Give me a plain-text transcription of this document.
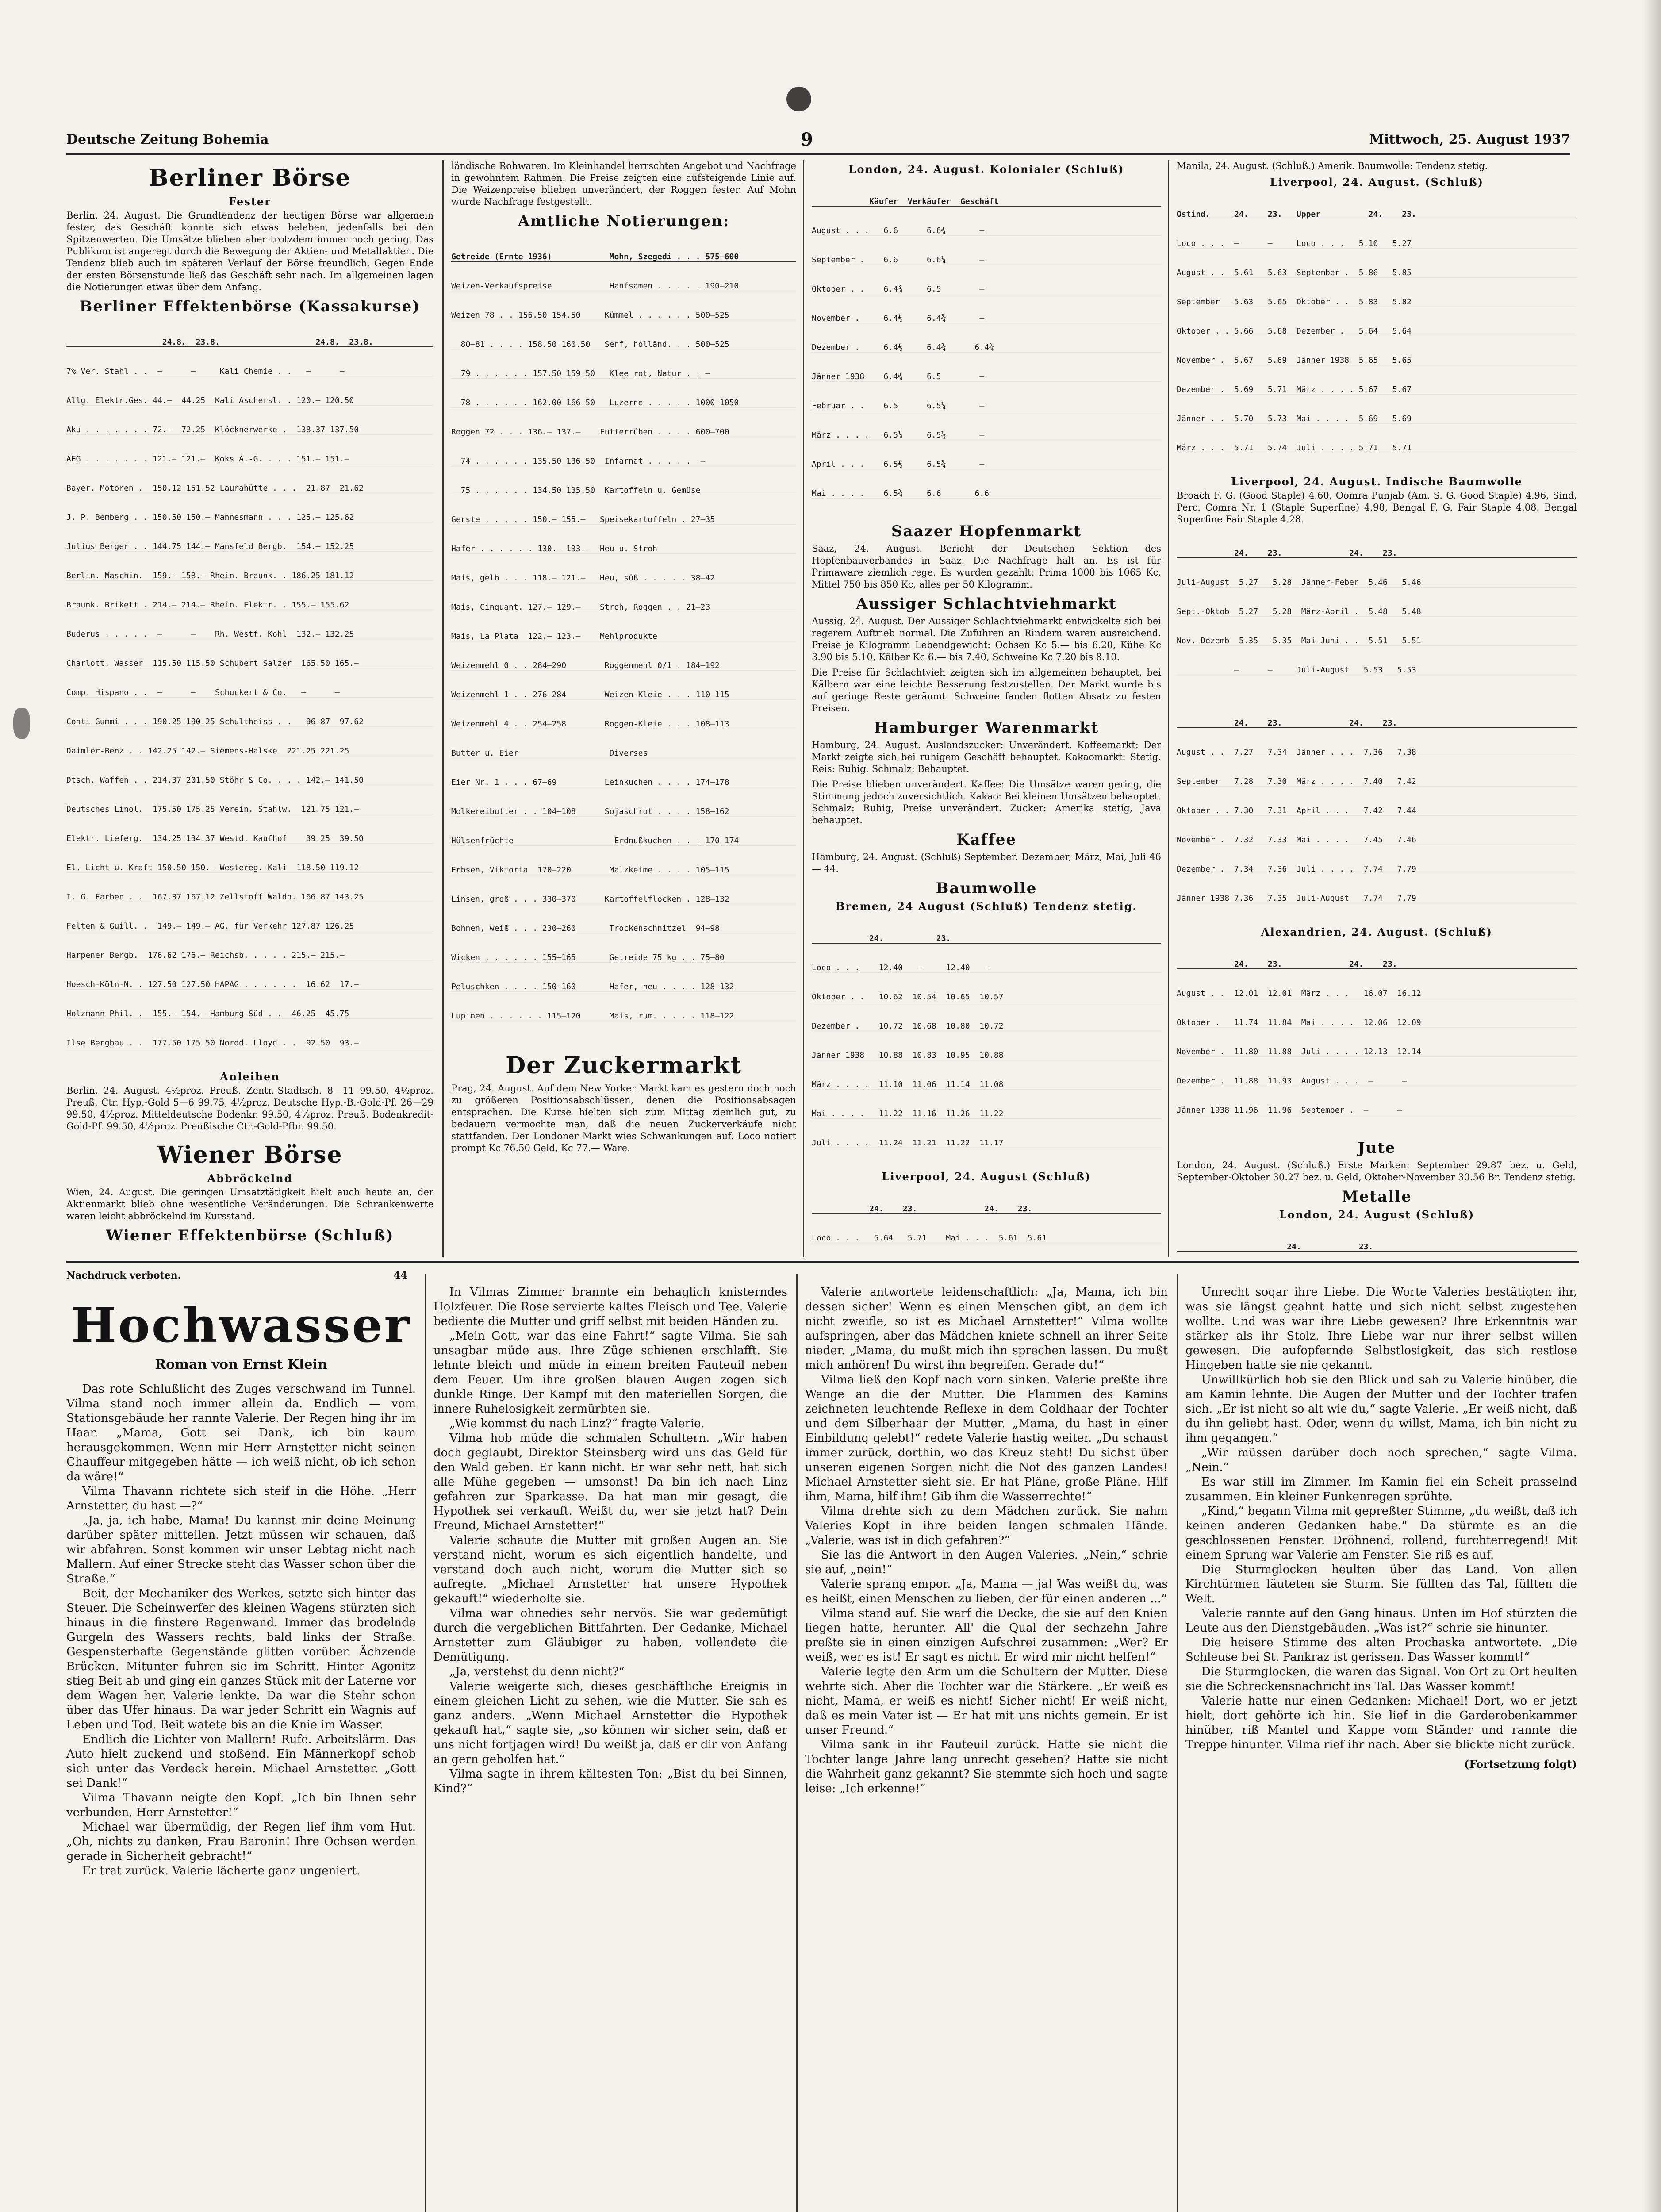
Deutsche Zeitung Bohemia	9	Mittwoch, 25. August 1937
Berliner Börse
Fester
Berlin, 24. August. Die Grundtendenz der heutigen Börse war allgemein fester, das Geschäft konnte sich etwas beleben, jedenfalls bei den Spitzenwerten. Die Umsätze blieben aber trotzdem immer noch gering. Das Publikum ist angeregt durch die Bewegung der Aktien- und Metallaktien. Die Tendenz blieb auch im späteren Verlauf der Börse freundlich. Gegen Ende der ersten Börsenstunde ließ das Geschäft sehr nach. Im allgemeinen lagen die Notierungen etwas über dem Anfang.
Berliner Effektenbörse (Kassakurse)

24.8.  23.8.                    24.8.  23.8.

7% Ver. Stahl . .  —      —     Kali Chemie . .   —      —

Allg. Elektr.Ges. 44.—  44.25  Kali Aschersl. . 120.— 120.50

Aku . . . . . . . 72.—  72.25  Klöcknerwerke .  138.37 137.50

AEG . . . . . . . 121.— 121.—  Koks A.-G. . . . 151.— 151.—

Bayer. Motoren .  150.12 151.52 Laurahütte . . .  21.87  21.62

J. P. Bemberg . . 150.50 150.— Mannesmann . . . 125.— 125.62

Julius Berger . . 144.75 144.— Mansfeld Bergb.  154.— 152.25

Berlin. Maschin.  159.— 158.— Rhein. Braunk. . 186.25 181.12

Braunk. Brikett . 214.— 214.— Rhein. Elektr. . 155.— 155.62

Buderus . . . . .  —      —    Rh. Westf. Kohl  132.— 132.25

Charlott. Wasser  115.50 115.50 Schubert Salzer  165.50 165.—

Comp. Hispano . .  —      —    Schuckert & Co.   —      —

Conti Gummi . . . 190.25 190.25 Schultheiss . .   96.87  97.62

Daimler-Benz . . 142.25 142.— Siemens-Halske  221.25 221.25

Dtsch. Waffen . . 214.37 201.50 Stöhr & Co. . . . 142.— 141.50

Deutsches Linol.  175.50 175.25 Verein. Stahlw.  121.75 121.—

Elektr. Lieferg.  134.25 134.37 Westd. Kaufhof    39.25  39.50

El. Licht u. Kraft 150.50 150.— Westereg. Kali  118.50 119.12

I. G. Farben . .  167.37 167.12 Zellstoff Waldh. 166.87 143.25

Felten & Guill. .  149.— 149.— AG. für Verkehr 127.87 126.25

Harpener Bergb.  176.62 176.— Reichsb. . . . . 215.— 215.—

Hoesch-Köln-N. . 127.50 127.50 HAPAG . . . . . .  16.62  17.—

Holzmann Phil. .  155.— 154.— Hamburg-Süd . .  46.25  45.75

Ilse Bergbau . .  177.50 175.50 Nordd. Lloyd . .  92.50  93.—

Anleihen
Berlin, 24. August. 4½proz. Preuß. Zentr.-Stadtsch. 8—11 99.50, 4½proz. Preuß. Ctr. Hyp.-Gold 5—6 99.75, 4½proz. Deutsche Hyp.-B.-Gold-Pf. 26—29 99.50, 4½proz. Mitteldeutsche Bodenkr. 99.50, 4½proz. Preuß. Bodenkredit-Gold-Pf. 99.50, 4½proz. Preußische Ctr.-Gold-Pfbr. 99.50.
Wiener Börse
Abbröckelnd
Wien, 24. August. Die geringen Umsatztätigkeit hielt auch heute an, der Aktienmarkt blieb ohne wesentliche Veränderungen. Die Schrankenwerte waren leicht abbröckelnd im Kursstand.
Wiener Effektenbörse (Schluß)

ländische Rohwaren. Im Kleinhandel herrschten Angebot und Nachfrage in gewohntem Rahmen. Die Preise zeigten eine aufsteigende Linie auf. Die Weizenpreise blieben unverändert, der Roggen fester. Auf Mohn wurde Nachfrage festgestellt.
Amtliche Notierungen:

Getreide (Ernte 1936)            Mohn, Szegedi . . . 575—600

Weizen-Verkaufspreise            Hanfsamen . . . . . 190—210

Weizen 78 . . 156.50 154.50     Kümmel . . . . . . 500—525

80—81 . . . . 158.50 160.50   Senf, holländ. . . 500—525

79 . . . . . . 157.50 159.50   Klee rot, Natur . . —

78 . . . . . . 162.00 166.50   Luzerne . . . . . 1000—1050

Roggen 72 . . . 136.— 137.—    Futterrüben . . . . 600—700

74 . . . . . . 135.50 136.50  Infarnat . . . . .  —

75 . . . . . . 134.50 135.50  Kartoffeln u. Gemüse

Gerste . . . . . 150.— 155.—   Speisekartoffeln . 27—35

Hafer . . . . . . 130.— 133.—  Heu u. Stroh

Mais, gelb . . . 118.— 121.—   Heu, süß . . . . . 38—42

Mais, Cinquant. 127.— 129.—    Stroh, Roggen . . 21—23

Mais, La Plata  122.— 123.—    Mehlprodukte

Weizenmehl 0 . . 284—290        Roggenmehl 0/1 . 184—192

Weizenmehl 1 . . 276—284        Weizen-Kleie . . . 110—115

Weizenmehl 4 . . 254—258        Roggen-Kleie . . . 108—113

Butter u. Eier                   Diverses

Eier Nr. 1 . . . 67—69          Leinkuchen . . . . 174—178

Molkereibutter . . 104—108      Sojaschrot . . . . 158—162

Hülsenfrüchte                     Erdnußkuchen . . . 170—174

Erbsen, Viktoria  170—220        Malzkeime . . . . 105—115

Linsen, groß . . . 330—370      Kartoffelflocken . 128—132

Bohnen, weiß . . . 230—260       Trockenschnitzel  94—98

Wicken . . . . . . 155—165       Getreide 75 kg . . 75—80

Peluschken . . . . 150—160       Hafer, neu . . . . 128—132

Lupinen . . . . . . 115—120      Mais, rum. . . . . 118—122

Der Zuckermarkt
Prag, 24. August. Auf dem New Yorker Markt kam es gestern doch noch zu größeren Positionsabschlüssen, denen die Positionsabsagen entsprachen. Die Kurse hielten sich zum Mittag ziemlich gut, zu bedauern vermochte man, daß die neuen Zuckerverkäufe nicht stattfanden. Der Londoner Markt wies Schwankungen auf. Loco notiert prompt Kc 76.50 Geld, Kc 77.— Ware.
London, 24. August. Kolonialer (Schluß)

Käufer  Verkäufer  Geschäft

August . . .   6.6      6.6¾       —

September .    6.6      6.6¼       —

Oktober . .    6.4¾     6.5        —

November .     6.4½     6.4¾       —

Dezember .     6.4½     6.4¾      6.4¾

Jänner 1938    6.4¾     6.5        —

Februar . .    6.5      6.5¼       —

März . . . .   6.5¼     6.5½       —

April . . .    6.5½     6.5¾       —

Mai . . . .    6.5¾     6.6       6.6

Saazer Hopfenmarkt
Saaz, 24. August. Bericht der Deutschen Sektion des Hopfenbauverbandes in Saaz. Die Nachfrage hält an. Es ist für Primaware ziemlich rege. Es wurden gezahlt: Prima 1000 bis 1065 Kc, Mittel 750 bis 850 Kc, alles per 50 Kilogramm.
Aussiger Schlachtviehmarkt
Aussig, 24. August. Der Aussiger Schlachtviehmarkt entwickelte sich bei regerem Auftrieb normal. Die Zufuhren an Rindern waren ausreichend. Preise je Kilogramm Lebendgewicht: Ochsen Kc 5.— bis 6.20, Kühe Kc 3.90 bis 5.10, Kälber Kc 6.— bis 7.40, Schweine Kc 7.20 bis 8.10.
Die Preise für Schlachtvieh zeigten sich im allgemeinen behauptet, bei Kälbern war eine leichte Besserung festzustellen. Der Markt wurde bis auf geringe Reste geräumt. Schweine fanden flotten Absatz zu festen Preisen.
Hamburger Warenmarkt
Hamburg, 24. August. Auslandszucker: Unverändert. Kaffeemarkt: Der Markt zeigte sich bei ruhigem Geschäft behauptet. Kakaomarkt: Stetig. Reis: Ruhig. Schmalz: Behauptet.
Die Preise blieben unverändert. Kaffee: Die Umsätze waren gering, die Stimmung jedoch zuversichtlich. Kakao: Bei kleinen Umsätzen behauptet. Schmalz: Ruhig, Preise unverändert. Zucker: Amerika stetig, Java behauptet.
Kaffee
Hamburg, 24. August. (Schluß) September. Dezember, März, Mai, Juli 46 — 44.
Baumwolle
Bremen, 24 August (Schluß) Tendenz stetig.

24.           23.

Loco . . .    12.40   —     12.40   —

Oktober . .   10.62  10.54  10.65  10.57

Dezember .    10.72  10.68  10.80  10.72

Jänner 1938   10.88  10.83  10.95  10.88

März . . . .  11.10  11.06  11.14  11.08

Mai . . . .   11.22  11.16  11.26  11.22

Juli . . . .  11.24  11.21  11.22  11.17

Liverpool, 24. August (Schluß)

24.    23.              24.    23.

Loco . . .   5.64   5.71    Mai . . .  5.61  5.61

Manila, 24. August. (Schluß.) Amerik. Baumwolle: Tendenz stetig.
Liverpool, 24. August. (Schluß)

Ostind.     24.    23.   Upper          24.    23.

Loco . . .  —      —     Loco . . .   5.10   5.27

August . .  5.61   5.63  September .  5.86   5.85

September   5.63   5.65  Oktober . .  5.83   5.82

Oktober . . 5.66   5.68  Dezember .   5.64   5.64

November .  5.67   5.69  Jänner 1938  5.65   5.65

Dezember .  5.69   5.71  März . . . . 5.67   5.67

Jänner . .  5.70   5.73  Mai . . . .  5.69   5.69

März . . .  5.71   5.74  Juli . . . . 5.71   5.71

Liverpool, 24. August. Indische Baumwolle
Broach F. G. (Good Staple) 4.60, Oomra Punjab (Am. S. G. Good Staple) 4.96, Sind, Perc. Comra Nr. 1 (Staple Superfine) 4.98, Bengal F. G. Fair Staple 4.08. Bengal Superfine Fair Staple 4.28.

24.    23.              24.    23.

Juli-August  5.27   5.28  Jänner-Feber  5.46   5.46

Sept.-Oktob  5.27   5.28  März-April .  5.48   5.48

Nov.-Dezemb  5.35   5.35  Mai-Juni . .  5.51   5.51

—      —     Juli-August   5.53   5.53

24.    23.              24.    23.

August . .  7.27   7.34  Jänner . . .  7.36   7.38

September   7.28   7.30  März . . . .  7.40   7.42

Oktober . . 7.30   7.31  April . . .   7.42   7.44

November .  7.32   7.33  Mai . . . .   7.45   7.46

Dezember .  7.34   7.36  Juli . . . .  7.74   7.79

Jänner 1938 7.36   7.35  Juli-August   7.74   7.79

Alexandrien, 24. August. (Schluß)

24.    23.              24.    23.

August . .  12.01  12.01  März . . .   16.07  16.12

Oktober .   11.74  11.84  Mai . . . .  12.06  12.09

November .  11.80  11.88  Juli . . . . 12.13  12.14

Dezember .  11.88  11.93  August . . .  —      —

Jänner 1938 11.96  11.96  September .  —      —

Jute
London, 24. August. (Schluß.) Erste Marken: September 29.87 bez. u. Geld, September-Oktober 30.27 bez. u. Geld, Oktober-November 30.56 Br. Tendenz stetig.
Metalle
London, 24. August (Schluß)

24.            23.

Nachdruck verboten.	44
Hochwasser
Roman von Ernst Klein

Das rote Schlußlicht des Zuges verschwand im Tunnel. Vilma stand noch immer allein da. Endlich — vom Stationsgebäude her rannte Valerie. Der Regen hing ihr im Haar. „Mama, Gott sei Dank, ich bin kaum herausgekommen. Wenn mir Herr Arnstetter nicht seinen Chauffeur mitgegeben hätte — ich weiß nicht, ob ich schon da wäre!“

Vilma Thavann richtete sich steif in die Höhe. „Herr Arnstetter, du hast —?“

„Ja, ja, ich habe, Mama! Du kannst mir deine Meinung darüber später mitteilen. Jetzt müssen wir schauen, daß wir abfahren. Sonst kommen wir unser Lebtag nicht nach Mallern. Auf einer Strecke steht das Wasser schon über die Straße.“

Beit, der Mechaniker des Werkes, setzte sich hinter das Steuer. Die Scheinwerfer des kleinen Wagens stürzten sich hinaus in die finstere Regenwand. Immer das brodelnde Gurgeln des Wassers rechts, bald links der Straße. Gespensterhafte Gegenstände glitten vorüber. Ächzende Brücken. Mitunter fuhren sie im Schritt. Hinter Agonitz stieg Beit ab und ging ein ganzes Stück mit der Laterne vor dem Wagen her. Valerie lenkte. Da war die Stehr schon über das Ufer hinaus. Da war jeder Schritt ein Wagnis auf Leben und Tod. Beit watete bis an die Knie im Wasser.

Endlich die Lichter von Mallern! Rufe. Arbeitslärm. Das Auto hielt zuckend und stoßend. Ein Männerkopf schob sich unter das Verdeck herein. Michael Arnstetter. „Gott sei Dank!“

Vilma Thavann neigte den Kopf. „Ich bin Ihnen sehr verbunden, Herr Arnstetter!“

Michael war übermüdig, der Regen lief ihm vom Hut. „Oh, nichts zu danken, Frau Baronin! Ihre Ochsen werden gerade in Sicherheit gebracht!“

Er trat zurück. Valerie lächerte ganz ungeniert.

In Vilmas Zimmer brannte ein behaglich knisterndes Holzfeuer. Die Rose servierte kaltes Fleisch und Tee. Valerie bediente die Mutter und griff selbst mit beiden Händen zu.

„Mein Gott, war das eine Fahrt!“ sagte Vilma. Sie sah unsagbar müde aus. Ihre Züge schienen erschlafft. Sie lehnte bleich und müde in einem breiten Fauteuil neben dem Feuer. Um ihre großen blauen Augen zogen sich dunkle Ringe. Der Kampf mit den materiellen Sorgen, die innere Ruhelosigkeit zermürbten sie.

„Wie kommst du nach Linz?“ fragte Valerie.

Vilma hob müde die schmalen Schultern. „Wir haben doch geglaubt, Direktor Steinsberg wird uns das Geld für den Wald geben. Er kann nicht. Er war sehr nett, hat sich alle Mühe gegeben — umsonst! Da bin ich nach Linz gefahren zur Sparkasse. Da hat man mir gesagt, die Hypothek sei verkauft. Weißt du, wer sie jetzt hat? Dein Freund, Michael Arnstetter!“

Valerie schaute die Mutter mit großen Augen an. Sie verstand nicht, worum es sich eigentlich handelte, und verstand doch auch nicht, worum die Mutter sich so aufregte. „Michael Arnstetter hat unsere Hypothek gekauft!“ wiederholte sie.

Vilma war ohnedies sehr nervös. Sie war gedemütigt durch die vergeblichen Bittfahrten. Der Gedanke, Michael Arnstetter zum Gläubiger zu haben, vollendete die Demütigung.

„Ja, verstehst du denn nicht?“

Valerie weigerte sich, dieses geschäftliche Ereignis in einem gleichen Licht zu sehen, wie die Mutter. Sie sah es ganz anders. „Wenn Michael Arnstetter die Hypothek gekauft hat,“ sagte sie, „so können wir sicher sein, daß er uns nicht fortjagen wird! Du weißt ja, daß er dir von Anfang an gern geholfen hat.“

Vilma sagte in ihrem kältesten Ton: „Bist du bei Sinnen, Kind?“

Valerie antwortete leidenschaftlich: „Ja, Mama, ich bin dessen sicher! Wenn es einen Menschen gibt, an dem ich nicht zweifle, so ist es Michael Arnstetter!“ Vilma wollte aufspringen, aber das Mädchen kniete schnell an ihrer Seite nieder. „Mama, du mußt mich ihn sprechen lassen. Du mußt mich anhören! Du wirst ihn begreifen. Gerade du!“

Vilma ließ den Kopf nach vorn sinken. Valerie preßte ihre Wange an die der Mutter. Die Flammen des Kamins zeichneten leuchtende Reflexe in dem Goldhaar der Tochter und dem Silberhaar der Mutter. „Mama, du hast in einer Einbildung gelebt!“ redete Valerie hastig weiter. „Du schaust immer zurück, dorthin, wo das Kreuz steht! Du sichst über unseren eigenen Sorgen nicht die Not des ganzen Landes! Michael Arnstetter sieht sie. Er hat Pläne, große Pläne. Hilf ihm, Mama, hilf ihm! Gib ihm die Wasserrechte!“

Vilma drehte sich zu dem Mädchen zurück. Sie nahm Valeries Kopf in ihre beiden langen schmalen Hände. „Valerie, was ist in dich gefahren?“

Sie las die Antwort in den Augen Valeries. „Nein,“ schrie sie auf, „nein!“

Valerie sprang empor. „Ja, Mama — ja! Was weißt du, was es heißt, einen Menschen zu lieben, der für einen anderen ...“

Vilma stand auf. Sie warf die Decke, die sie auf den Knien liegen hatte, herunter. All' die Qual der sechzehn Jahre preßte sie in einen einzigen Aufschrei zusammen: „Wer? Er weiß, wer es ist! Er sagt es nicht. Er wird mir nicht helfen!“

Valerie legte den Arm um die Schultern der Mutter. Diese wehrte sich. Aber die Tochter war die Stärkere. „Er weiß es nicht, Mama, er weiß es nicht! Sicher nicht! Er weiß nicht, daß es mein Vater ist — Er hat mit uns nichts gemein. Er ist unser Freund.“

Vilma sank in ihr Fauteuil zurück. Hatte sie nicht die Tochter lange Jahre lang unrecht gesehen? Hatte sie nicht die Wahrheit ganz gekannt? Sie stemmte sich hoch und sagte leise: „Ich erkenne!“

Unrecht sogar ihre Liebe. Die Worte Valeries bestätigten ihr, was sie längst geahnt hatte und sich nicht selbst zugestehen wollte. Und was war ihre Liebe gewesen? Ihre Erkenntnis war stärker als ihr Stolz. Ihre Liebe war nur ihrer selbst willen gewesen. Die aufopfernde Selbstlosigkeit, das sich restlose Hingeben hatte sie nie gekannt.

Unwillkürlich hob sie den Blick und sah zu Valerie hinüber, die am Kamin lehnte. Die Augen der Mutter und der Tochter trafen sich. „Er ist nicht so alt wie du,“ sagte Valerie. „Er weiß nicht, daß du ihn geliebt hast. Oder, wenn du willst, Mama, ich bin nicht zu ihm gegangen.“

„Wir müssen darüber doch noch sprechen,“ sagte Vilma. „Nein.“

Es war still im Zimmer. Im Kamin fiel ein Scheit prasselnd zusammen. Ein kleiner Funkenregen sprühte.

„Kind,“ begann Vilma mit gepreßter Stimme, „du weißt, daß ich keinen anderen Gedanken habe.“ Da stürmte es an die geschlossenen Fenster. Dröhnend, rollend, furchterregend! Mit einem Sprung war Valerie am Fenster. Sie riß es auf.

Die Sturmglocken heulten über das Land. Von allen Kirchtürmen läuteten sie Sturm. Sie füllten das Tal, füllten die Welt.

Valerie rannte auf den Gang hinaus. Unten im Hof stürzten die Leute aus den Dienstgebäuden. „Was ist?“ schrie sie hinunter.

Die heisere Stimme des alten Prochaska antwortete. „Die Schleuse bei St. Pankraz ist gerissen. Das Wasser kommt!“

Die Sturmglocken, die waren das Signal. Von Ort zu Ort heulten sie die Schreckensnachricht ins Tal. Das Wasser kommt!

Valerie hatte nur einen Gedanken: Michael! Dort, wo er jetzt hielt, dort gehörte ich hin. Sie lief in die Garderobenkammer hinüber, riß Mantel und Kappe vom Ständer und rannte die Treppe hinunter. Vilma rief ihr nach. Aber sie blickte nicht zurück.

(Fortsetzung folgt)
